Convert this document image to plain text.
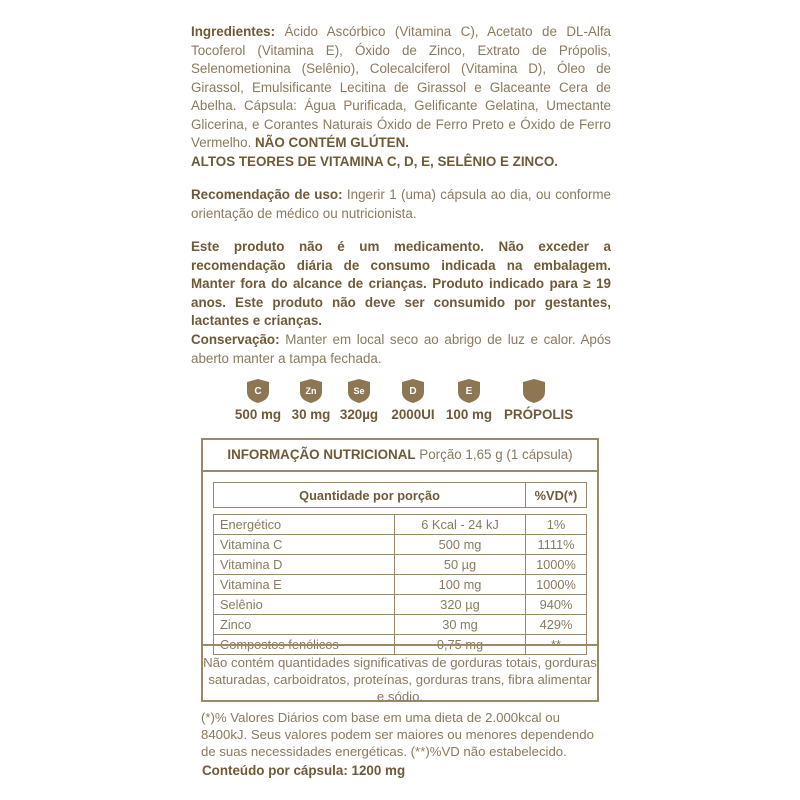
Ingredientes: Ácido Ascórbico (Vitamina C), Acetato de DL-Alfa Tocoferol (Vitamina E), Óxido de Zinco, Extrato de Própolis, Selenometionina (Selênio), Colecalciferol (Vitamina D), Óleo de Girassol, Emulsificante Lecitina de Girassol e Glaceante Cera de Abelha. Cápsula: Água Purificada, Gelificante Gelatina, Umectante Glicerina, e Corantes Naturais Óxido de Ferro Preto e Óxido de Ferro Vermelho. NÃO CONTÉM GLÚTEN.

ALTOS TEORES DE VITAMINA C, D, E, SELÊNIO E ZINCO.

Recomendação de uso: Ingerir 1 (uma) cápsula ao dia, ou conforme orientação de médico ou nutricionista.

Este produto não é um medicamento. Não exceder a recomendação diária de consumo indicada na embalagem. Manter fora do alcance de crianças. Produto indicado para ≥ 19 anos. Este produto não deve ser consumido por gestantes, lactantes e crianças.

Conservação: Manter em local seco ao abrigo de luz e calor. Após aberto manter a tampa fechada.

C
500 mg
Zn
30 mg
Se
320µg
D
2000UI
E
100 mg PRÓPOLIS
INFORMAÇÃO NUTRICIONAL Porção 1,65 g (1 cápsula)
Quantidade por porção		%VD(*)

Energético	6 Kcal - 24 kJ	1%
Vitamina C	500 mg	1111%
Vitamina D	50 µg	1000%
Vitamina E	100 mg	1000%
Selênio	320 µg	940%
Zinco	30 mg	429%
Compostos fenólicos	0,75 mg	**
Não contém quantidades significativas de gorduras totais, gorduras saturadas, carboidratos, proteínas, gorduras trans, fibra alimentar e sódio.
(*)% Valores Diários com base em uma dieta de 2.000kcal ou 8400kJ. Seus valores podem ser maiores ou menores dependendo de suas necessidades energéticas. (**)%VD não estabelecido.
Conteúdo por cápsula: 1200 mg
